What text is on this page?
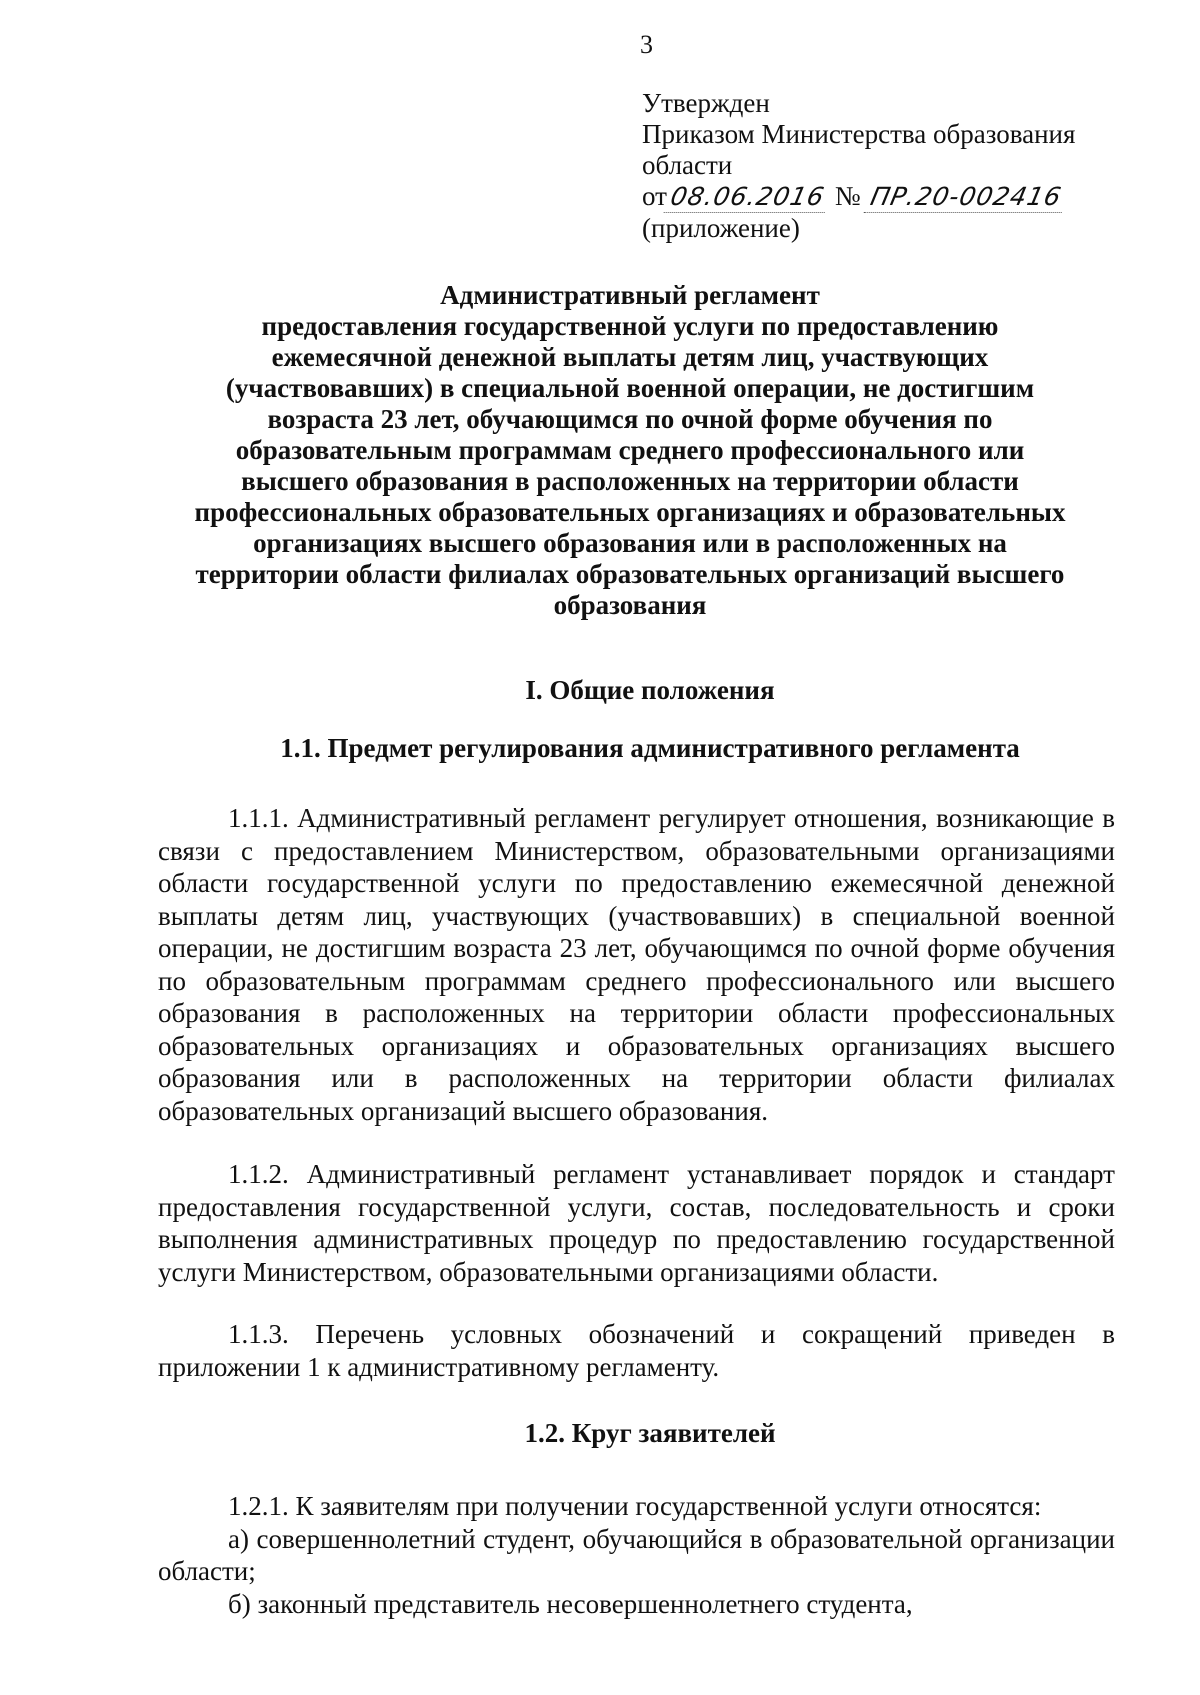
3
Утвержден
Приказом Министерства образования
области
от08.06.2016 № ПР.20-002416
(приложение)
Административный регламент
предоставления государственной услуги по предоставлению
ежемесячной денежной выплаты детям лиц, участвующих
(участвовавших) в специальной военной операции, не достигшим
возраста 23 лет, обучающимся по очной форме обучения по
образовательным программам среднего профессионального или
высшего образования в расположенных на территории области
профессиональных образовательных организациях и образовательных
организациях высшего образования или в расположенных на
территории области филиалах образовательных организаций высшего
образования
I. Общие положения
1.1. Предмет регулирования административного регламента

1.1.1. Административный регламент регулирует отношения, возникающие в связи с предоставлением Министерством, образовательными организациями области государственной услуги по предоставлению ежемесячной денежной выплаты детям лиц, участвующих (участвовавших) в специальной военной операции, не достигшим возраста 23 лет, обучающимся по очной форме обучения по образовательным программам среднего профессионального или высшего образования в расположенных на территории области профессиональных образовательных организациях и образовательных организациях высшего образования или в расположенных на территории области филиалах образовательных организаций высшего образования.

1.1.2. Административный регламент устанавливает порядок и стандарт предоставления государственной услуги, состав, последовательность и сроки выполнения административных процедур по предоставлению государственной услуги Министерством, образовательными организациями области.

1.1.3. Перечень условных обозначений и сокращений приведен в приложении 1 к административному регламенту.

1.2. Круг заявителей

1.2.1. К заявителям при получении государственной услуги относятся:

а) совершеннолетний студент, обучающийся в образовательной организации области;

б) законный представитель несовершеннолетнего студента,
